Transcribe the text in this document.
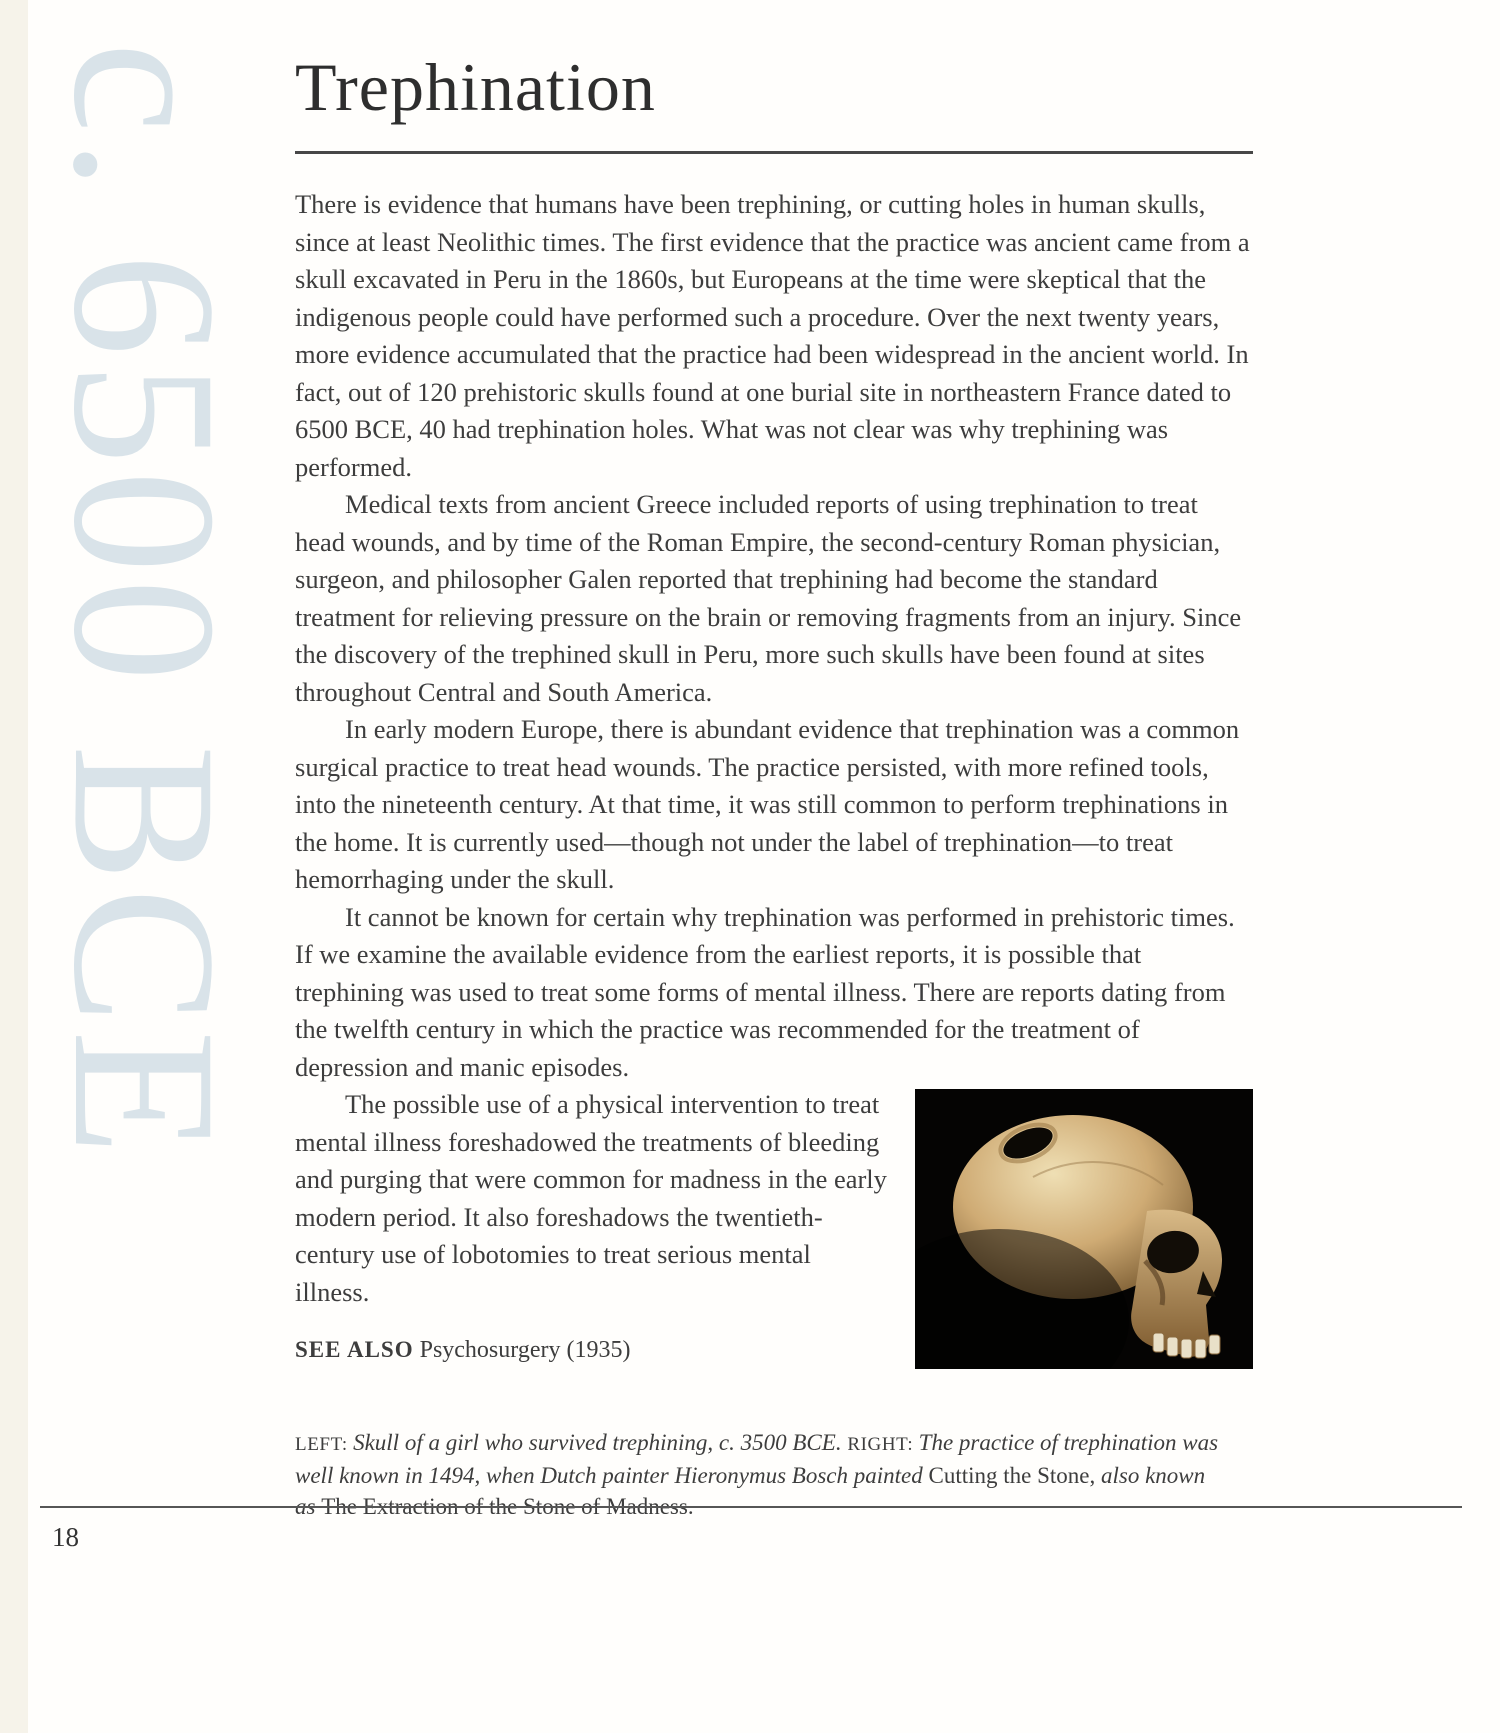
c. 6500 BCE Trephination

There is evidence that humans have been trephining, or cutting holes in human skulls, since at least Neolithic times. The first evidence that the practice was ancient came from a skull excavated in Peru in the 1860s, but Europeans at the time were skeptical that the indigenous people could have performed such a procedure. Over the next twenty years, more evidence accumulated that the practice had been widespread in the ancient world. In fact, out of 120 prehistoric skulls found at one burial site in northeastern France dated to 6500 BCE, 40 had trephination holes. What was not clear was why trephining was performed.

Medical texts from ancient Greece included reports of using trephination to treat head wounds, and by time of the Roman Empire, the second-century Roman physician, surgeon, and philosopher Galen reported that trephining had become the standard treatment for relieving pressure on the brain or removing fragments from an injury. Since the discovery of the trephined skull in Peru, more such skulls have been found at sites throughout Central and South America.

In early modern Europe, there is abundant evidence that trephination was a common surgical practice to treat head wounds. The practice persisted, with more refined tools, into the nineteenth century. At that time, it was still common to perform trephinations in the home. It is currently used—though not under the label of trephination—to treat hemorrhaging under the skull.

It cannot be known for certain why trephination was performed in prehistoric times. If we examine the available evidence from the earliest reports, it is possible that trephining was used to treat some forms of mental illness. There are reports dating from the twelfth century in which the practice was recommended for the treatment of depression and manic episodes.

The possible use of a physical intervention to treat mental illness foreshadowed the treatments of bleeding and purging that were common for madness in the early modern period. It also foreshadows the twentieth-century use of lobotomies to treat serious mental illness.

SEE ALSO Psychosurgery (1935)
LEFT: Skull of a girl who survived trephining, c. 3500 BCE. RIGHT: The practice of trephination was well known in 1494, when Dutch painter Hieronymus Bosch painted Cutting the Stone, also known as The Extraction of the Stone of Madness.
18
